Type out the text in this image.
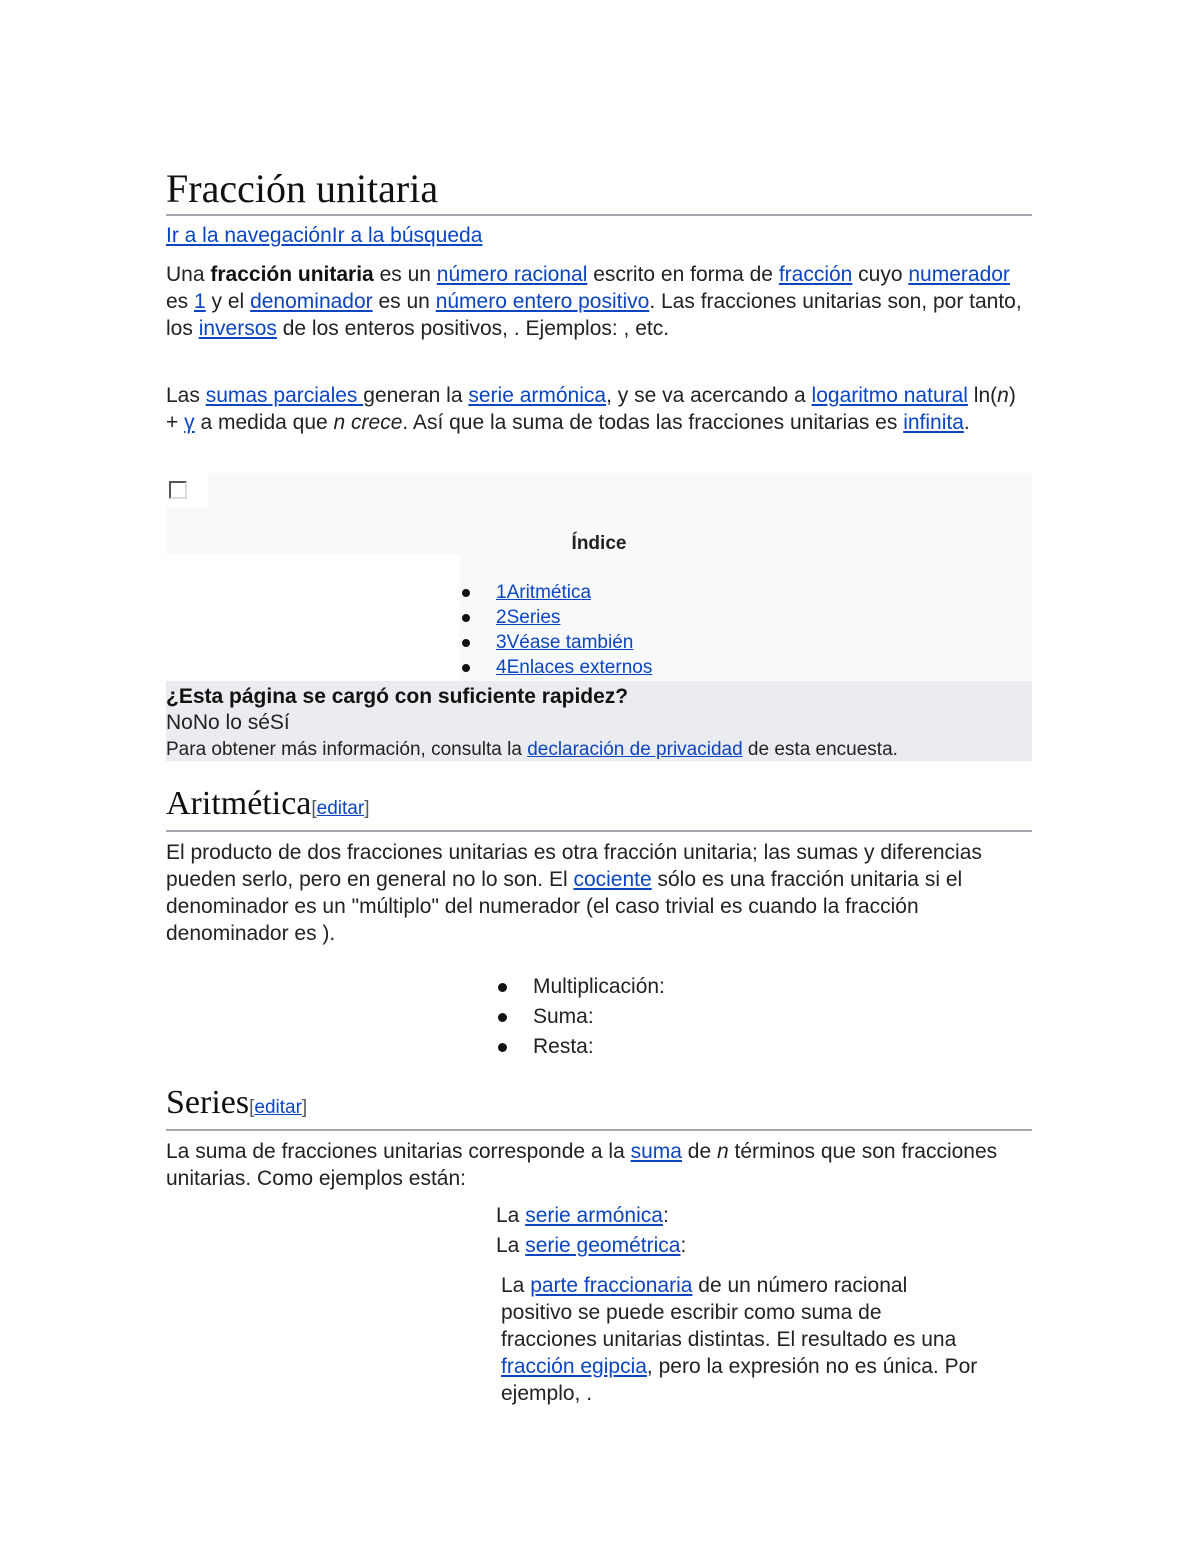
Fracción unitaria
Ir a la navegaciónIr a la búsqueda
Una fracción unitaria es un número racional escrito en forma de fracción cuyo numerador es 1 y el denominador es un número entero positivo. Las fracciones unitarias son, por tanto, los inversos de los enteros positivos, . Ejemplos: , etc.
Las sumas parciales generan la serie armónica, y se va acercando a logaritmo natural ln(n) + γ a medida que n crece. Así que la suma de todas las fracciones unitarias es infinita.
Índice
1Aritmética
2Series
3Véase también
4Enlaces externos
¿Esta página se cargó con suficiente rapidez?
NoNo lo séSí
Para obtener más información, consulta la declaración de privacidad de esta encuesta.
Aritmética[editar]
El producto de dos fracciones unitarias es otra fracción unitaria; las sumas y diferencias pueden serlo, pero en general no lo son. El cociente sólo es una fracción unitaria si el denominador es un "múltiplo" del numerador (el caso trivial es cuando la fracción denominador es ).
Multiplicación:
Suma:
Resta:
Series[editar]
La suma de fracciones unitarias corresponde a la suma de n términos que son fracciones unitarias. Como ejemplos están:
La serie armónica:
La serie geométrica:
La parte fraccionaria de un número racional positivo se puede escribir como suma de fracciones unitarias distintas. El resultado es una fracción egipcia, pero la expresión no es única. Por ejemplo, .
